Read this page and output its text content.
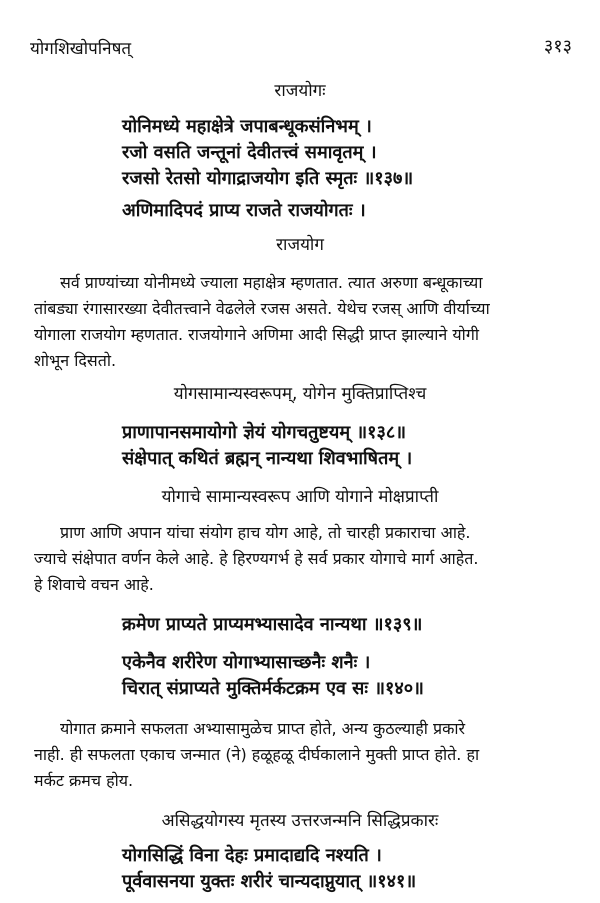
योगशिखोपनिषत्	३१३
राजयोगः
योनिमध्ये महाक्षेत्रे जपाबन्धूकसंनिभम् ।
रजो वसति जन्तूनां देवीतत्त्वं समावृतम् ।
रजसो रेतसो योगाद्राजयोग इति स्मृतः ॥१३७॥
अणिमादिपदं प्राप्य राजते राजयोगतः ।
राजयोग
सर्व प्राण्यांच्या योनीमध्ये ज्याला महाक्षेत्र म्हणतात. त्यात अरुणा बन्धूकाच्या
तांबड्या रंगासारख्या देवीतत्त्वाने वेढलेले रजस असते. येथेच रजस् आणि वीर्याच्या
योगाला राजयोग म्हणतात. राजयोगाने अणिमा आदी सिद्धी प्राप्त झाल्याने योगी
शोभून दिसतो.
योगसामान्यस्वरूपम्, योगेन मुक्तिप्राप्तिश्च
प्राणापानसमायोगो ज्ञेयं योगचतुष्टयम् ॥१३८॥
संक्षेपात् कथितं ब्रह्मन् नान्यथा शिवभाषितम् ।
योगाचे सामान्यस्वरूप आणि योगाने मोक्षप्राप्ती
प्राण आणि अपान यांचा संयोग हाच योग आहे, तो चारही प्रकाराचा आहे.
ज्याचे संक्षेपात वर्णन केले आहे. हे हिरण्यगर्भ हे सर्व प्रकार योगाचे मार्ग आहेत.
हे शिवाचे वचन आहे.
क्रमेण प्राप्यते प्राप्यमभ्यासादेव नान्यथा ॥१३९॥
एकेनैव शरीरेण योगाभ्यासाच्छनैः शनैः ।
चिरात् संप्राप्यते मुक्तिर्मर्कटक्रम एव सः ॥१४०॥
योगात क्रमाने सफलता अभ्यासामुळेच प्राप्त होते, अन्य कुठल्याही प्रकारे
नाही. ही सफलता एकाच जन्मात (ने) हळूहळू दीर्घकालाने मुक्ती प्राप्त होते. हा
मर्कट क्रमच होय.
असिद्धयोगस्य मृतस्य उत्तरजन्मनि सिद्धिप्रकारः
योगसिद्धिं विना देहः प्रमादाद्यदि नश्यति ।
पूर्ववासनया युक्तः शरीरं चान्यदाप्नुयात् ॥१४१॥
